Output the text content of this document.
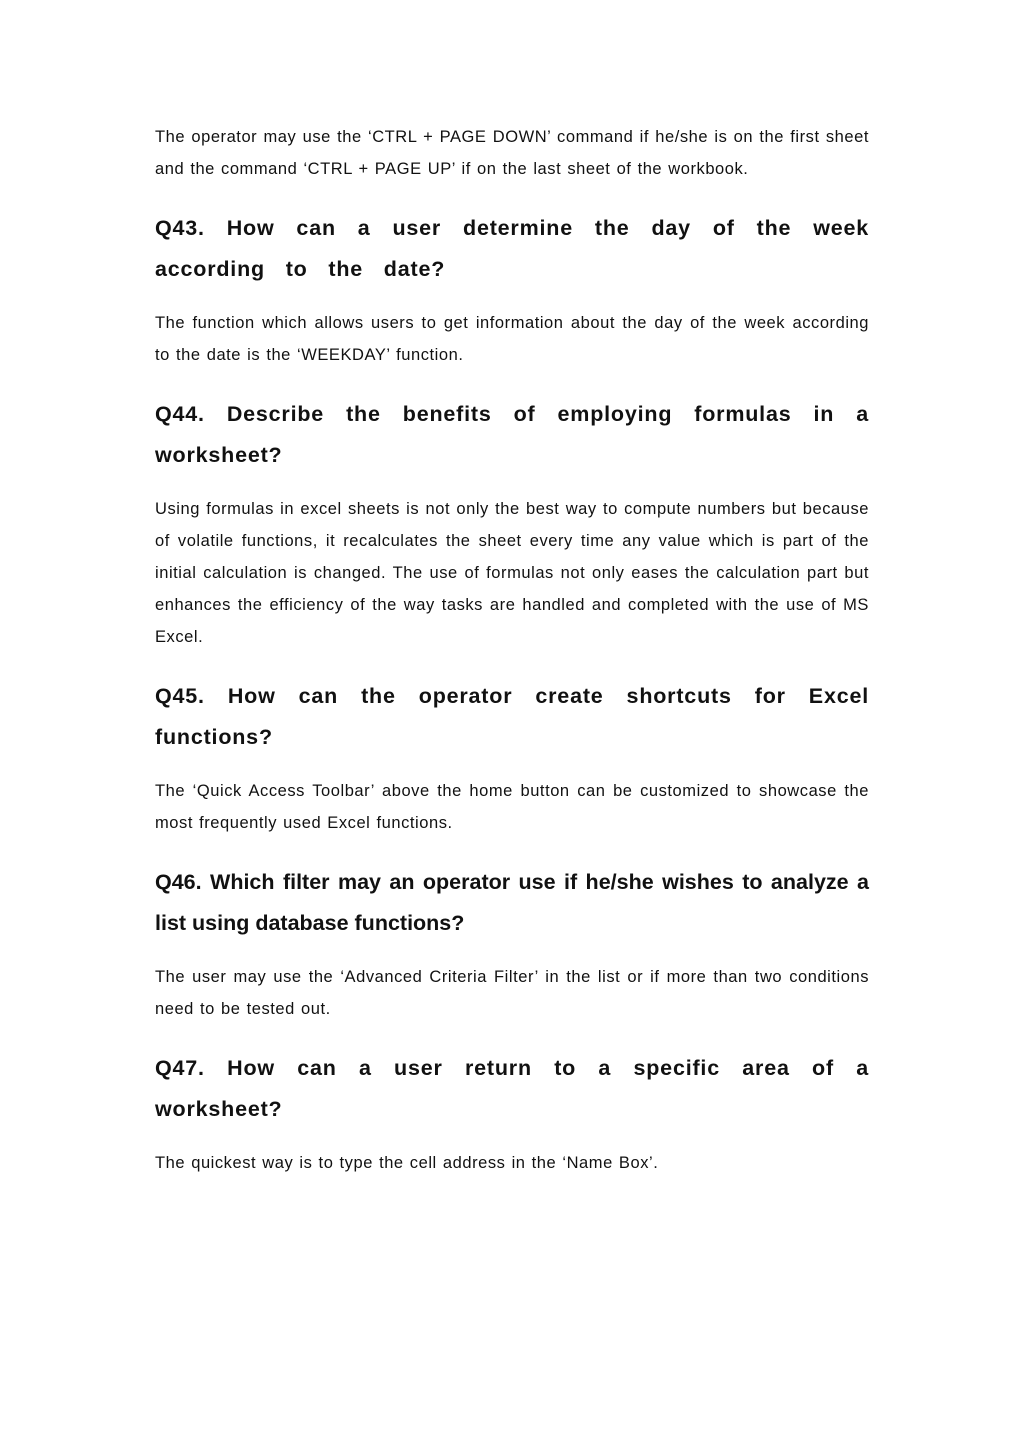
The operator may use the ‘CTRL + PAGE DOWN’ command if he/she is on the first sheet and the command ‘CTRL + PAGE UP’ if on the last sheet of the workbook.

Q43. How can a user determine the day of the week according to the date?

The function which allows users to get information about the day of the week according to the date is the ‘WEEKDAY’ function.

Q44. Describe the benefits of employing formulas in a worksheet?

Using formulas in excel sheets is not only the best way to compute numbers but because of volatile functions, it recalculates the sheet every time any value which is part of the initial calculation is changed. The use of formulas not only eases the calculation part but enhances the efficiency of the way tasks are handled and completed with the use of MS Excel.

Q45. How can the operator create shortcuts for Excel functions?

The ‘Quick Access Toolbar’ above the home button can be customized to showcase the most frequently used Excel functions.

Q46. Which filter may an operator use if he/she wishes to analyze a list using database functions?

The user may use the ‘Advanced Criteria Filter’ in the list or if more than two conditions need to be tested out.

Q47. How can a user return to a specific area of a worksheet?

The quickest way is to type the cell address in the ‘Name Box’.
